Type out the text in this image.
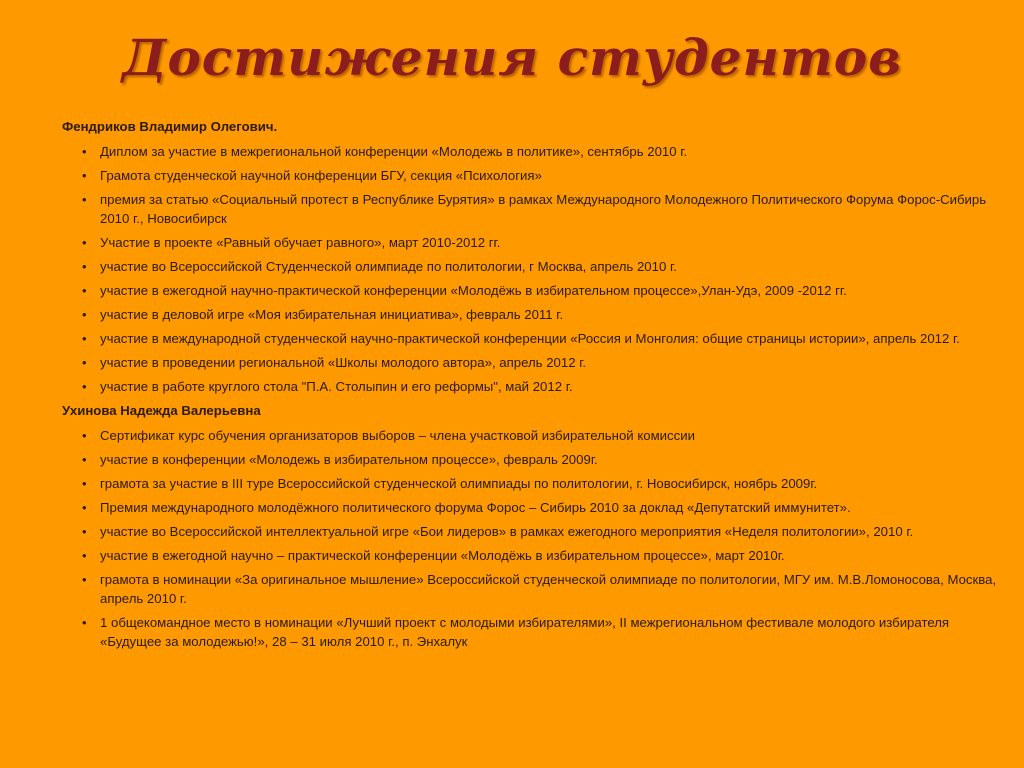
Достижения студентов
Фендриков Владимир Олегович.
• Диплом за участие в межрегиональной конференции «Молодежь в политике», сентябрь 2010 г.
• Грамота студенческой научной конференции БГУ, секция «Психология»
• премия за статью «Социальный протест в Республике Бурятия» в рамках Международного Молодежного Политического Форума Форос-Сибирь 2010 г., Новосибирск
• Участие в проекте «Равный обучает равного», март 2010-2012 гг.
• участие во Всероссийской Студенческой олимпиаде по политологии, г Москва, апрель 2010 г.
• участие в ежегодной научно-практической конференции «Молодёжь в избирательном процессе»,Улан-Удэ, 2009 -2012 гг.
• участие в деловой игре «Моя избирательная инициатива», февраль 2011 г.
• участие в международной студенческой научно-практической конференции «Россия и Монголия: общие страницы истории», апрель 2012 г.
• участие в проведении региональной «Школы молодого автора», апрель 2012 г.
• участие в работе круглого стола "П.А. Столыпин и его реформы", май 2012 г.
Ухинова Надежда Валерьевна
• Сертификат курс обучения организаторов выборов – члена участковой избирательной комиссии
• участие в конференции «Молодежь в избирательном процессе», февраль 2009г.
• грамота за участие в III туре Всероссийской студенческой олимпиады по политологии, г. Новосибирск, ноябрь 2009г.
• Премия международного молодёжного политического форума Форос – Сибирь 2010 за доклад «Депутатский иммунитет».
• участие во Всероссийской интеллектуальной игре «Бои лидеров» в рамках ежегодного мероприятия «Неделя политологии», 2010 г.
• участие в ежегодной научно – практической конференции «Молодёжь в избирательном процессе», март 2010г.
• грамота в номинации «За оригинальное мышление» Всероссийской студенческой олимпиаде по политологии, МГУ им. М.В.Ломоносова, Москва, апрель 2010 г.
• 1 общекомандное место в номинации «Лучший проект с молодыми избирателями», II межрегиональном фестивале молодого избирателя «Будущее за молодежью!», 28 – 31 июля 2010 г., п. Энхалук
